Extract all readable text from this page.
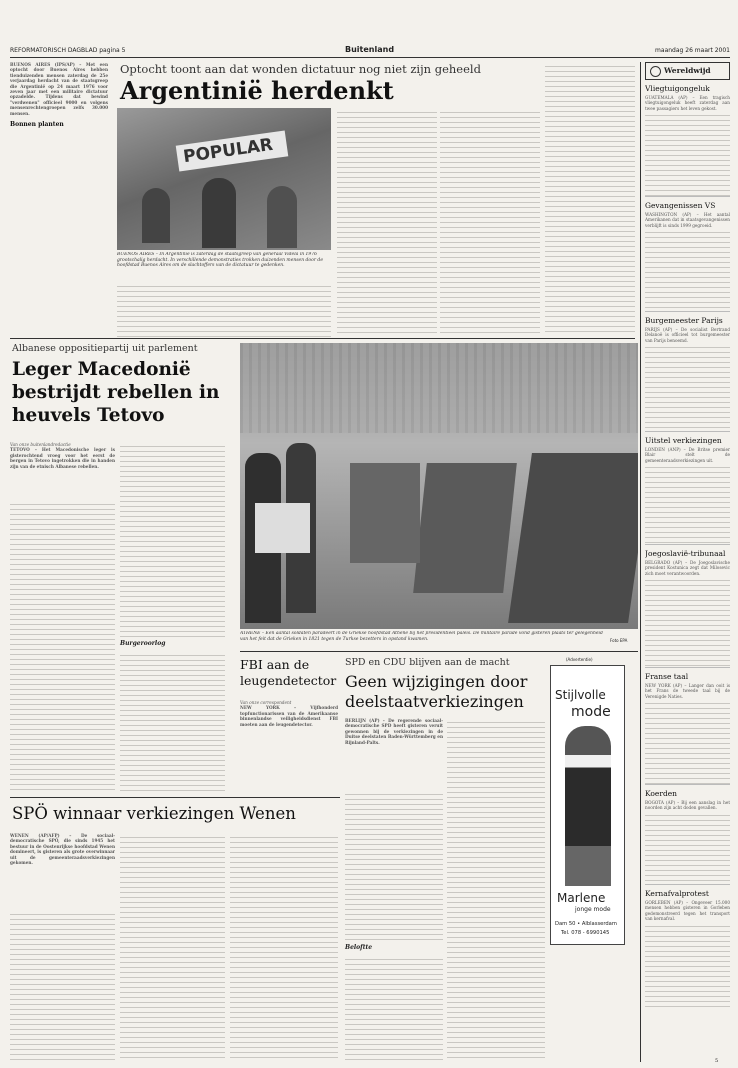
REFORMATORISCH DAGBLAD pagina 5	Buitenland	maandag 26 maart 2001
BUENOS AIRES (IPS/AP) – Met een optocht door Buenos Aires hebben tienduizenden mensen zaterdag de 25e verjaardag herdacht van de staatsgreep die Argentinië op 24 maart 1976 voor zeven jaar met een militaire dictatuur opzadelde. Tijdens dat bewind "verdwenen" officieel 9000 en volgens mensenrechtengroepen zelfs 30.000 mensen.
Bonnen planten
Optocht toont aan dat wonden dictatuur nog niet zijn geheeld
Argentinië herdenkt
POPULAR
BUENOS AIRES – In Argentinië is zaterdag de staatsgreep van generaal Videla in 1976 grootschalig herdacht. In verschillende demonstraties trokken duizenden mensen door de hoofdstad Buenos Aires om de slachtoffers van de dictatuur te gedenken.
Albanese oppositiepartij uit parlement
Leger Macedonië bestrijdt rebellen in heuvels Tetovo
Van onze buitenlandredactie
TETOVO – Het Macedonische leger is gisterochtend vroeg voor het eerst de bergen in Tetovo ingetrokken die in handen zijn van de etnisch Albanese rebellen.
Burgeroorlog
ATHENE – Een aantal soldaten paradeert in de Griekse hoofdstad Athene bij het presidentieel paleis. De militaire parade vond gisteren plaats ter gelegenheid van het feit dat de Grieken in 1821 tegen de Turkse bezetters in opstand kwamen.	Foto EPA
FBI aan de leugendetector
Van onze correspondent
NEW YORK – Vijfhonderd topfunctionarissen van de Amerikaanse binnenlandse veiligheidsdienst FBI moeten aan de leugendetector.
SPD en CDU blijven aan de macht
Geen wijzigingen door deelstaatverkiezingen
BERLIJN (AP) – De regerende sociaal-democratische SPD heeft gisteren veruit gewonnen bij de verkiezingen in de Duitse deelstaten Baden-Württemberg en Rijnland-Palts.
Beloftte
(Advertentie)
Stijlvolle
mode
Marlene
jonge mode
Dam 50 • Alblasserdam
Tel. 078 - 6990145
SPÖ winnaar verkiezingen Wenen
WENEN (AP/AFP) – De sociaal-democratische SPÖ, die sinds 1945 het bestuur in de Oostenrijkse hoofdstad Wenen domineert, is gisteren als grote overwinnaar uit de gemeenteraadsverkiezingen gekomen.
Wereldwijd
Vliegtuigongeluk
GUATEMALA (AP) – Een tragisch vliegtuigongeluk heeft zaterdag aan twee passagiers het leven gekost.
Gevangenissen VS
WASHINGTON (AP) – Het aantal Amerikanen dat in staatsgevangenissen verblijft is sinds 1999 gegroeid.
Burgemeester Parijs
PARIJS (AP) – De socialist Bertrand Delanoë is officieel tot burgemeester van Parijs benoemd.
Uitstel verkiezingen
LONDEN (ANP) – De Britse premier Blair stelt de gemeenteraadsverkiezingen uit.
Joegoslavië-tribunaal
BELGRADO (AP) – De Joegoslavische president Kostunica zegt dat Milosevic zich moet verantwoorden.
Franse taal
NEW YORK (AP) – Langer dan ooit is het Frans de tweede taal bij de Verenigde Naties.
Koerden
BOGOTA (AP) – Bij een aanslag in het noorden zijn acht doden gevallen.
Kernafvalprotest
GORLEBEN (AP) – Ongeveer 15.000 mensen hebben gisteren in Gorleben gedemonstreerd tegen het transport van kernafval.
5
